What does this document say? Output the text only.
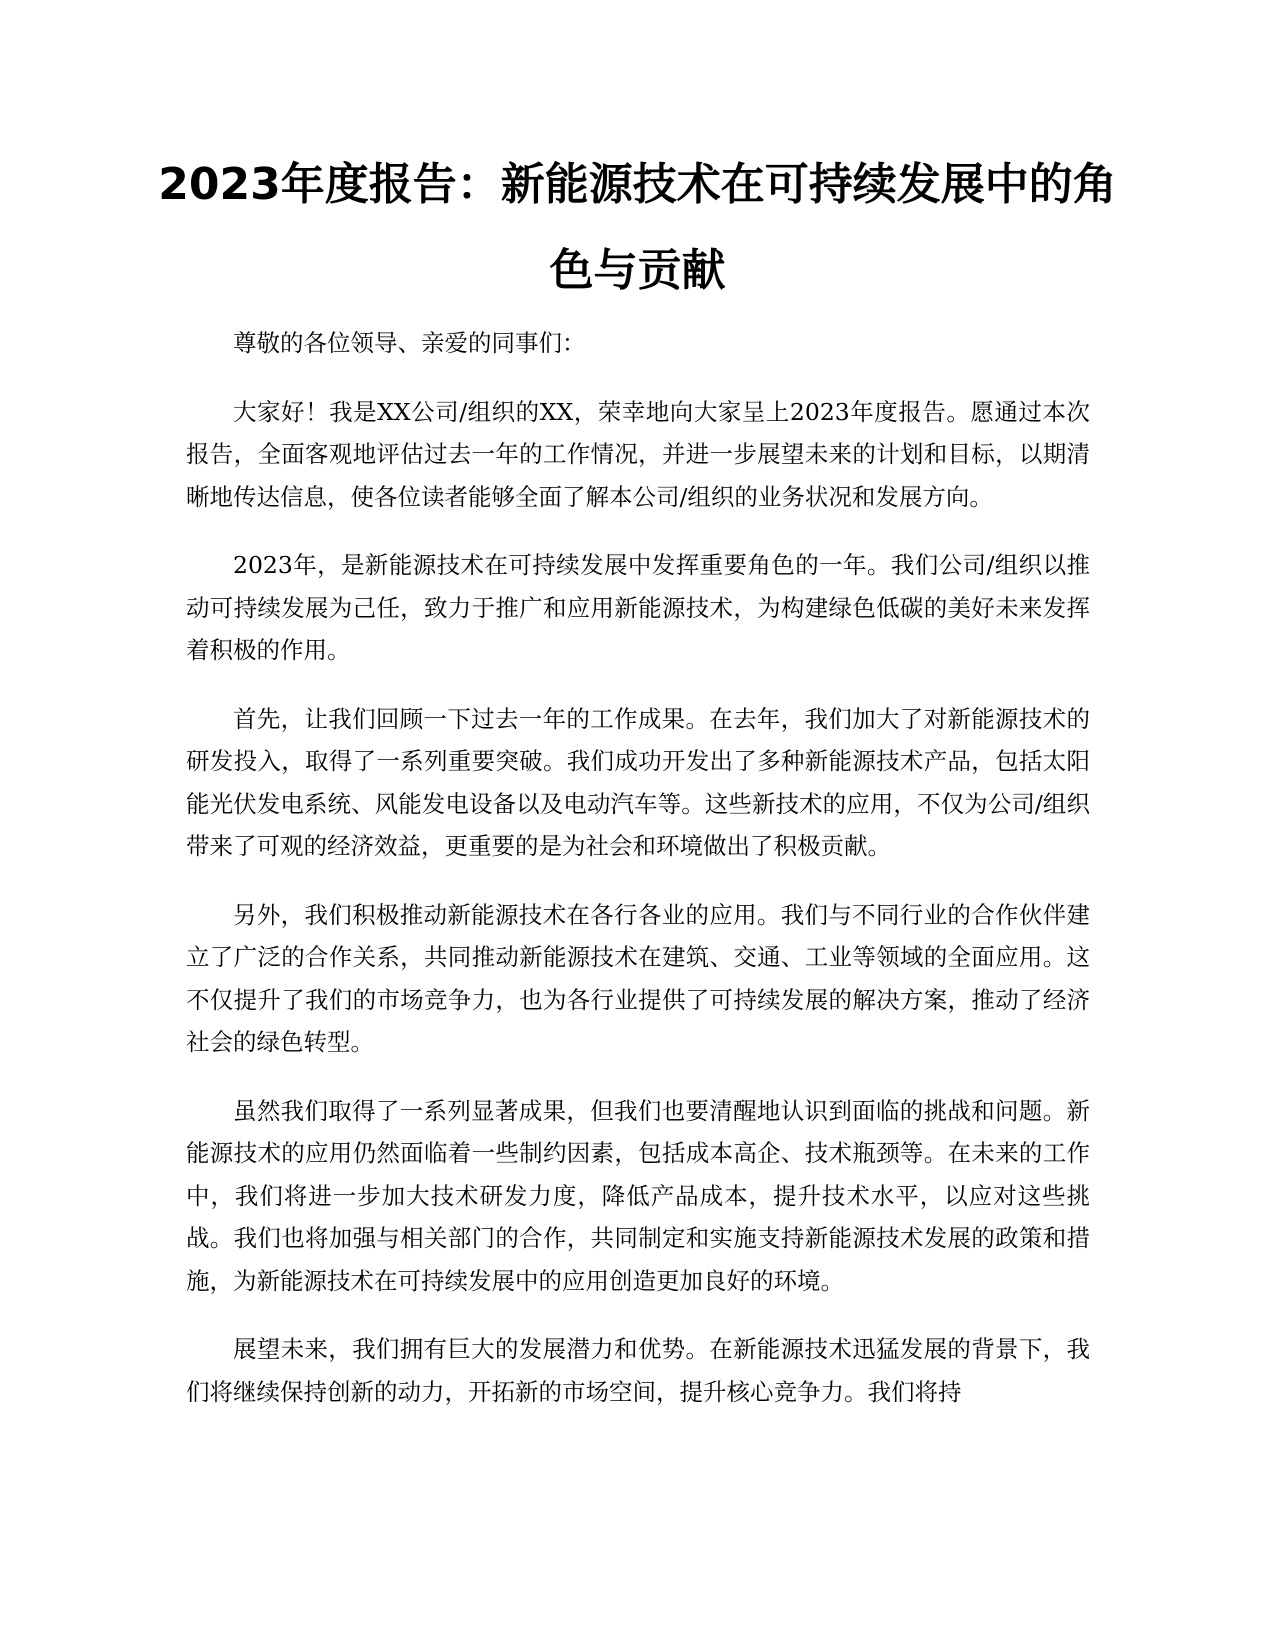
2023年度报告：新能源技术在可持续发展中的角色与贡献

尊敬的各位领导、亲爱的同事们：

大家好！我是XX公司/组织的XX，荣幸地向大家呈上2023年度报告。愿通过本次报告，全面客观地评估过去一年的工作情况，并进一步展望未来的计划和目标，以期清晰地传达信息，使各位读者能够全面了解本公司/组织的业务状况和发展方向。

2023年，是新能源技术在可持续发展中发挥重要角色的一年。我们公司/组织以推动可持续发展为己任，致力于推广和应用新能源技术，为构建绿色低碳的美好未来发挥着积极的作用。

首先，让我们回顾一下过去一年的工作成果。在去年，我们加大了对新能源技术的研发投入，取得了一系列重要突破。我们成功开发出了多种新能源技术产品，包括太阳能光伏发电系统、风能发电设备以及电动汽车等。这些新技术的应用，不仅为公司/组织带来了可观的经济效益，更重要的是为社会和环境做出了积极贡献。

另外，我们积极推动新能源技术在各行各业的应用。我们与不同行业的合作伙伴建立了广泛的合作关系，共同推动新能源技术在建筑、交通、工业等领域的全面应用。这不仅提升了我们的市场竞争力，也为各行业提供了可持续发展的解决方案，推动了经济社会的绿色转型。

虽然我们取得了一系列显著成果，但我们也要清醒地认识到面临的挑战和问题。新能源技术的应用仍然面临着一些制约因素，包括成本高企、技术瓶颈等。在未来的工作中，我们将进一步加大技术研发力度，降低产品成本，提升技术水平，以应对这些挑战。我们也将加强与相关部门的合作，共同制定和实施支持新能源技术发展的政策和措施，为新能源技术在可持续发展中的应用创造更加良好的环境。

展望未来，我们拥有巨大的发展潜力和优势。在新能源技术迅猛发展的背景下，我们将继续保持创新的动力，开拓新的市场空间，提升核心竞争力。我们将持
